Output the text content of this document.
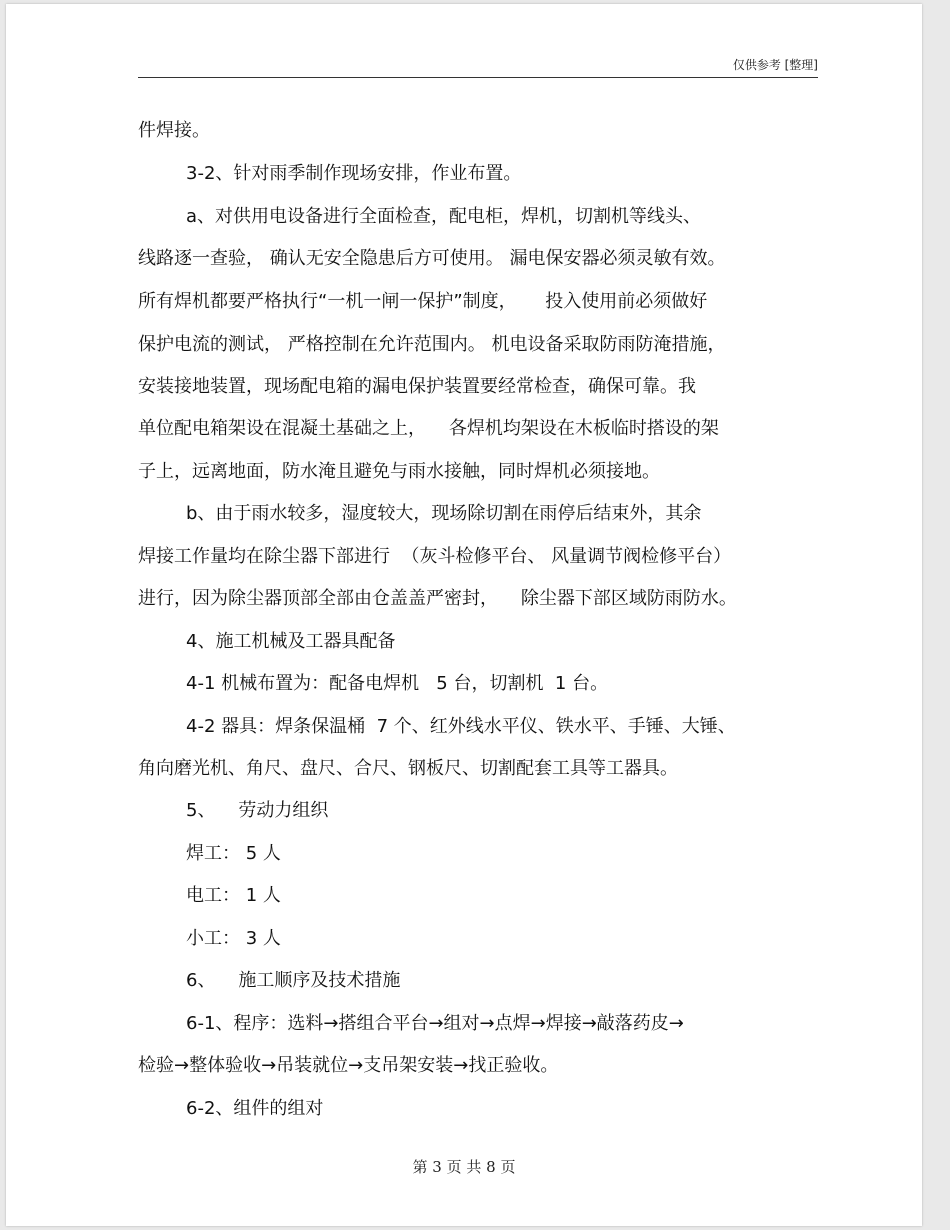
仅供参考 [整理]
件焊接。
3-2、针对雨季制作现场安排，作业布置。
a、对供用电设备进行全面检查，配电柜，焊机，切割机等线头、
线路逐一查验， 确认无安全隐患后方可使用。 漏电保安器必须灵敏有效。
所有焊机都要严格执行“一机一闸一保护”制度，     投入使用前必须做好
保护电流的测试， 严格控制在允许范围内。 机电设备采取防雨防淹措施，
安装接地装置，现场配电箱的漏电保护装置要经常检查，确保可靠。我
单位配电箱架设在混凝土基础之上，    各焊机均架设在木板临时搭设的架
子上，远离地面，防水淹且避免与雨水接触，同时焊机必须接地。
b、由于雨水较多，湿度较大，现场除切割在雨停后结束外，其余
焊接工作量均在除尘器下部进行  （灰斗检修平台、 风量调节阀检修平台）
进行，因为除尘器顶部全部由仓盖盖严密封，    除尘器下部区域防雨防水。
4、施工机械及工器具配备
4-1 机械布置为：配备电焊机   5 台，切割机  1 台。
4-2 器具：焊条保温桶  7 个、红外线水平仪、铁水平、手锤、大锤、
角向磨光机、角尺、盘尺、合尺、钢板尺、切割配套工具等工器具。
5、    劳动力组织
焊工： 5 人
电工： 1 人
小工： 3 人
6、    施工顺序及技术措施
6-1、程序：选料→搭组合平台→组对→点焊→焊接→敲落药皮→
检验→整体验收→吊装就位→支吊架安装→找正验收。
6-2、组件的组对
第 3 页 共 8 页
